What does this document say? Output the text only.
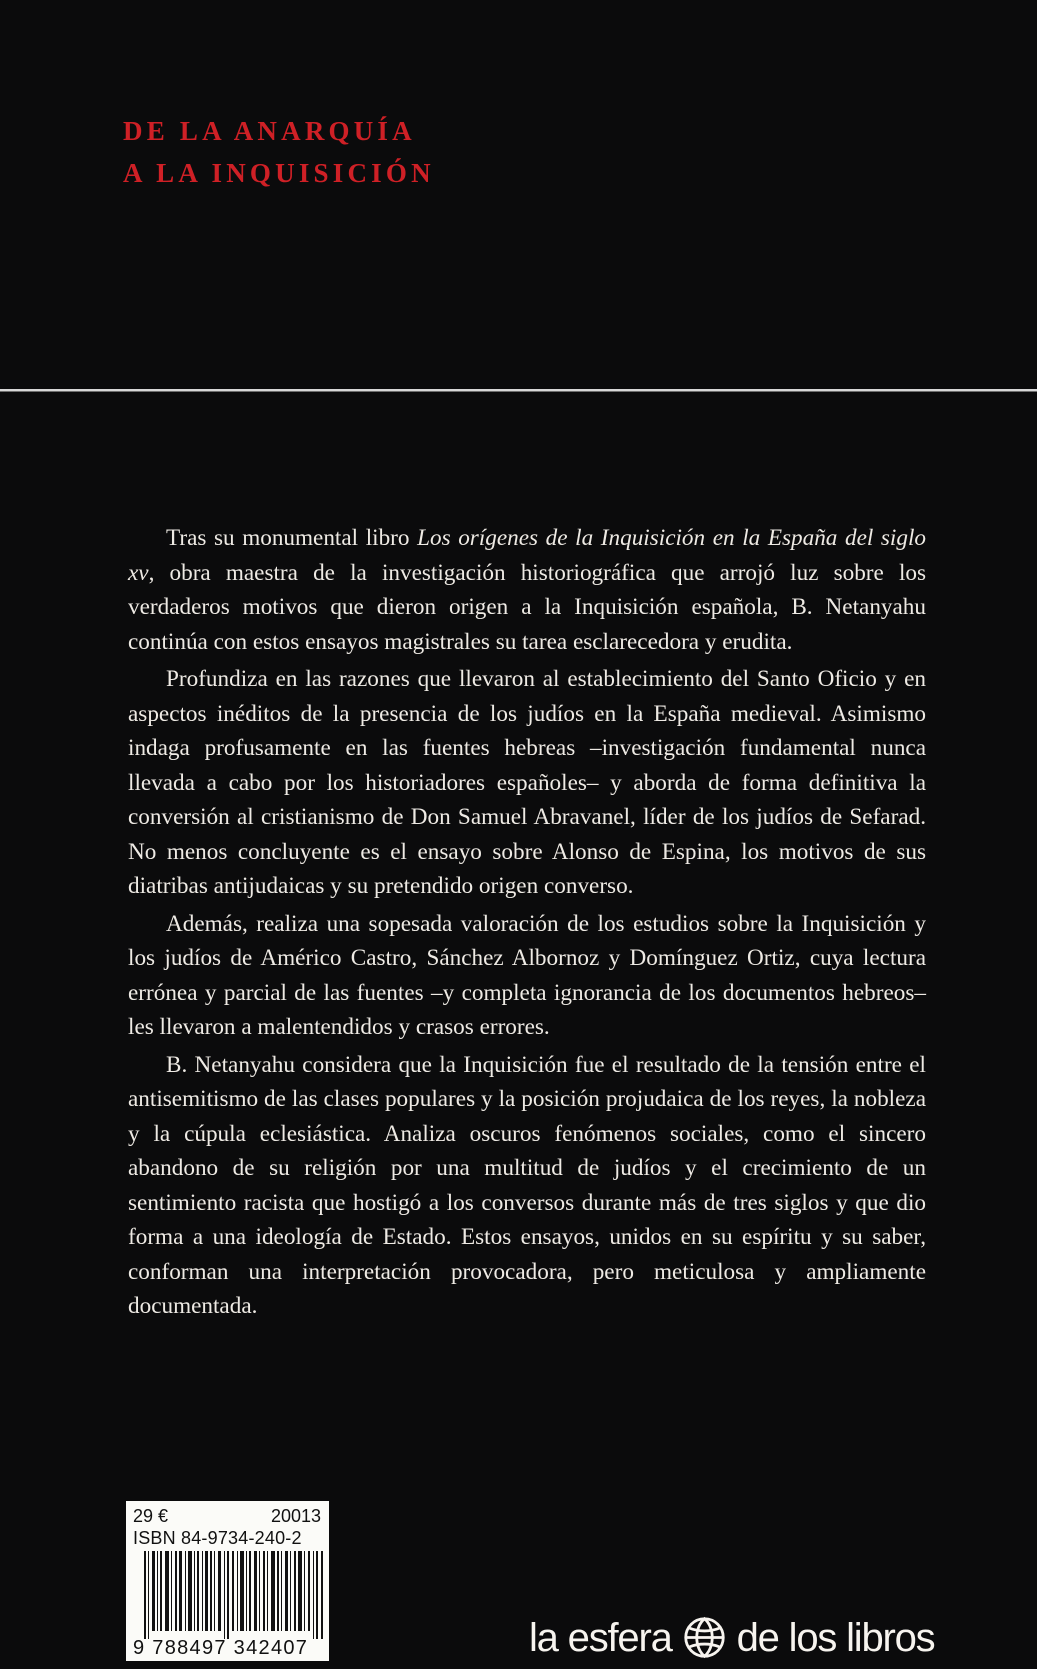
DE LA ANARQUÍA
A LA INQUISICIÓN

Tras su monumental libro Los orígenes de la Inquisición en la España del siglo xv, obra maestra de la investigación historiográfica que arrojó luz sobre los verdaderos motivos que dieron origen a la Inquisición española, B. Netanyahu continúa con estos ensayos magistrales su tarea esclarecedora y erudita.

Profundiza en las razones que llevaron al establecimiento del Santo Oficio y en aspectos inéditos de la presencia de los judíos en la España medieval. Asimismo indaga profusamente en las fuentes hebreas –investigación fundamental nunca llevada a cabo por los historiadores españoles– y aborda de forma definitiva la conversión al cristianismo de Don Samuel Abravanel, líder de los judíos de Sefarad. No menos concluyente es el ensayo sobre Alonso de Espina, los motivos de sus diatribas antijudaicas y su pretendido origen converso.

Además, realiza una sopesada valoración de los estudios sobre la Inquisición y los judíos de Américo Castro, Sánchez Albornoz y Domínguez Ortiz, cuya lectura errónea y parcial de las fuentes –y completa ignorancia de los documentos hebreos– les llevaron a malentendidos y crasos errores.

B. Netanyahu considera que la Inquisición fue el resultado de la tensión entre el antisemitismo de las clases populares y la posición projudaica de los reyes, la nobleza y la cúpula eclesiástica. Analiza oscuros fenómenos sociales, como el sincero abandono de su religión por una multitud de judíos y el crecimiento de un sentimiento racista que hostigó a los conversos durante más de tres siglos y que dio forma a una ideología de Estado. Estos ensayos, unidos en su espíritu y su saber, conforman una interpretación provocadora, pero meticulosa y ampliamente documentada.

29 €	20013
ISBN 84-9734-240-2
9 788497 342407	la esfera de los libros
